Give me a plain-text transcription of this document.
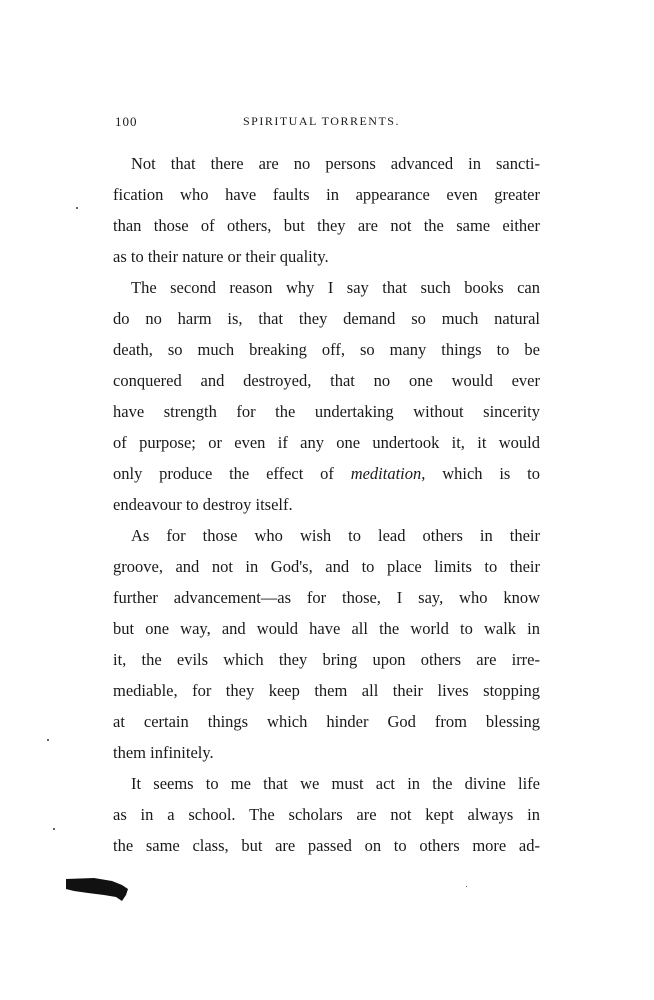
100	SPIRITUAL TORRENTS.
Not that there are no persons advanced in sancti-
fication who have faults in appearance even greater
than those of others, but they are not the same either
as to their nature or their quality.
The second reason why I say that such books can
do no harm is, that they demand so much natural
death, so much breaking off, so many things to be
conquered and destroyed, that no one would ever
have strength for the undertaking without sincerity
of purpose; or even if any one undertook it, it would
only produce the effect of meditation, which is to
endeavour to destroy itself.
As for those who wish to lead others in their
groove, and not in God's, and to place limits to their
further advancement—as for those, I say, who know
but one way, and would have all the world to walk in
it, the evils which they bring upon others are irre-
mediable, for they keep them all their lives stopping
at certain things which hinder God from blessing
them infinitely.
It seems to me that we must act in the divine life
as in a school. The scholars are not kept always in
the same class, but are passed on to others more ad-
